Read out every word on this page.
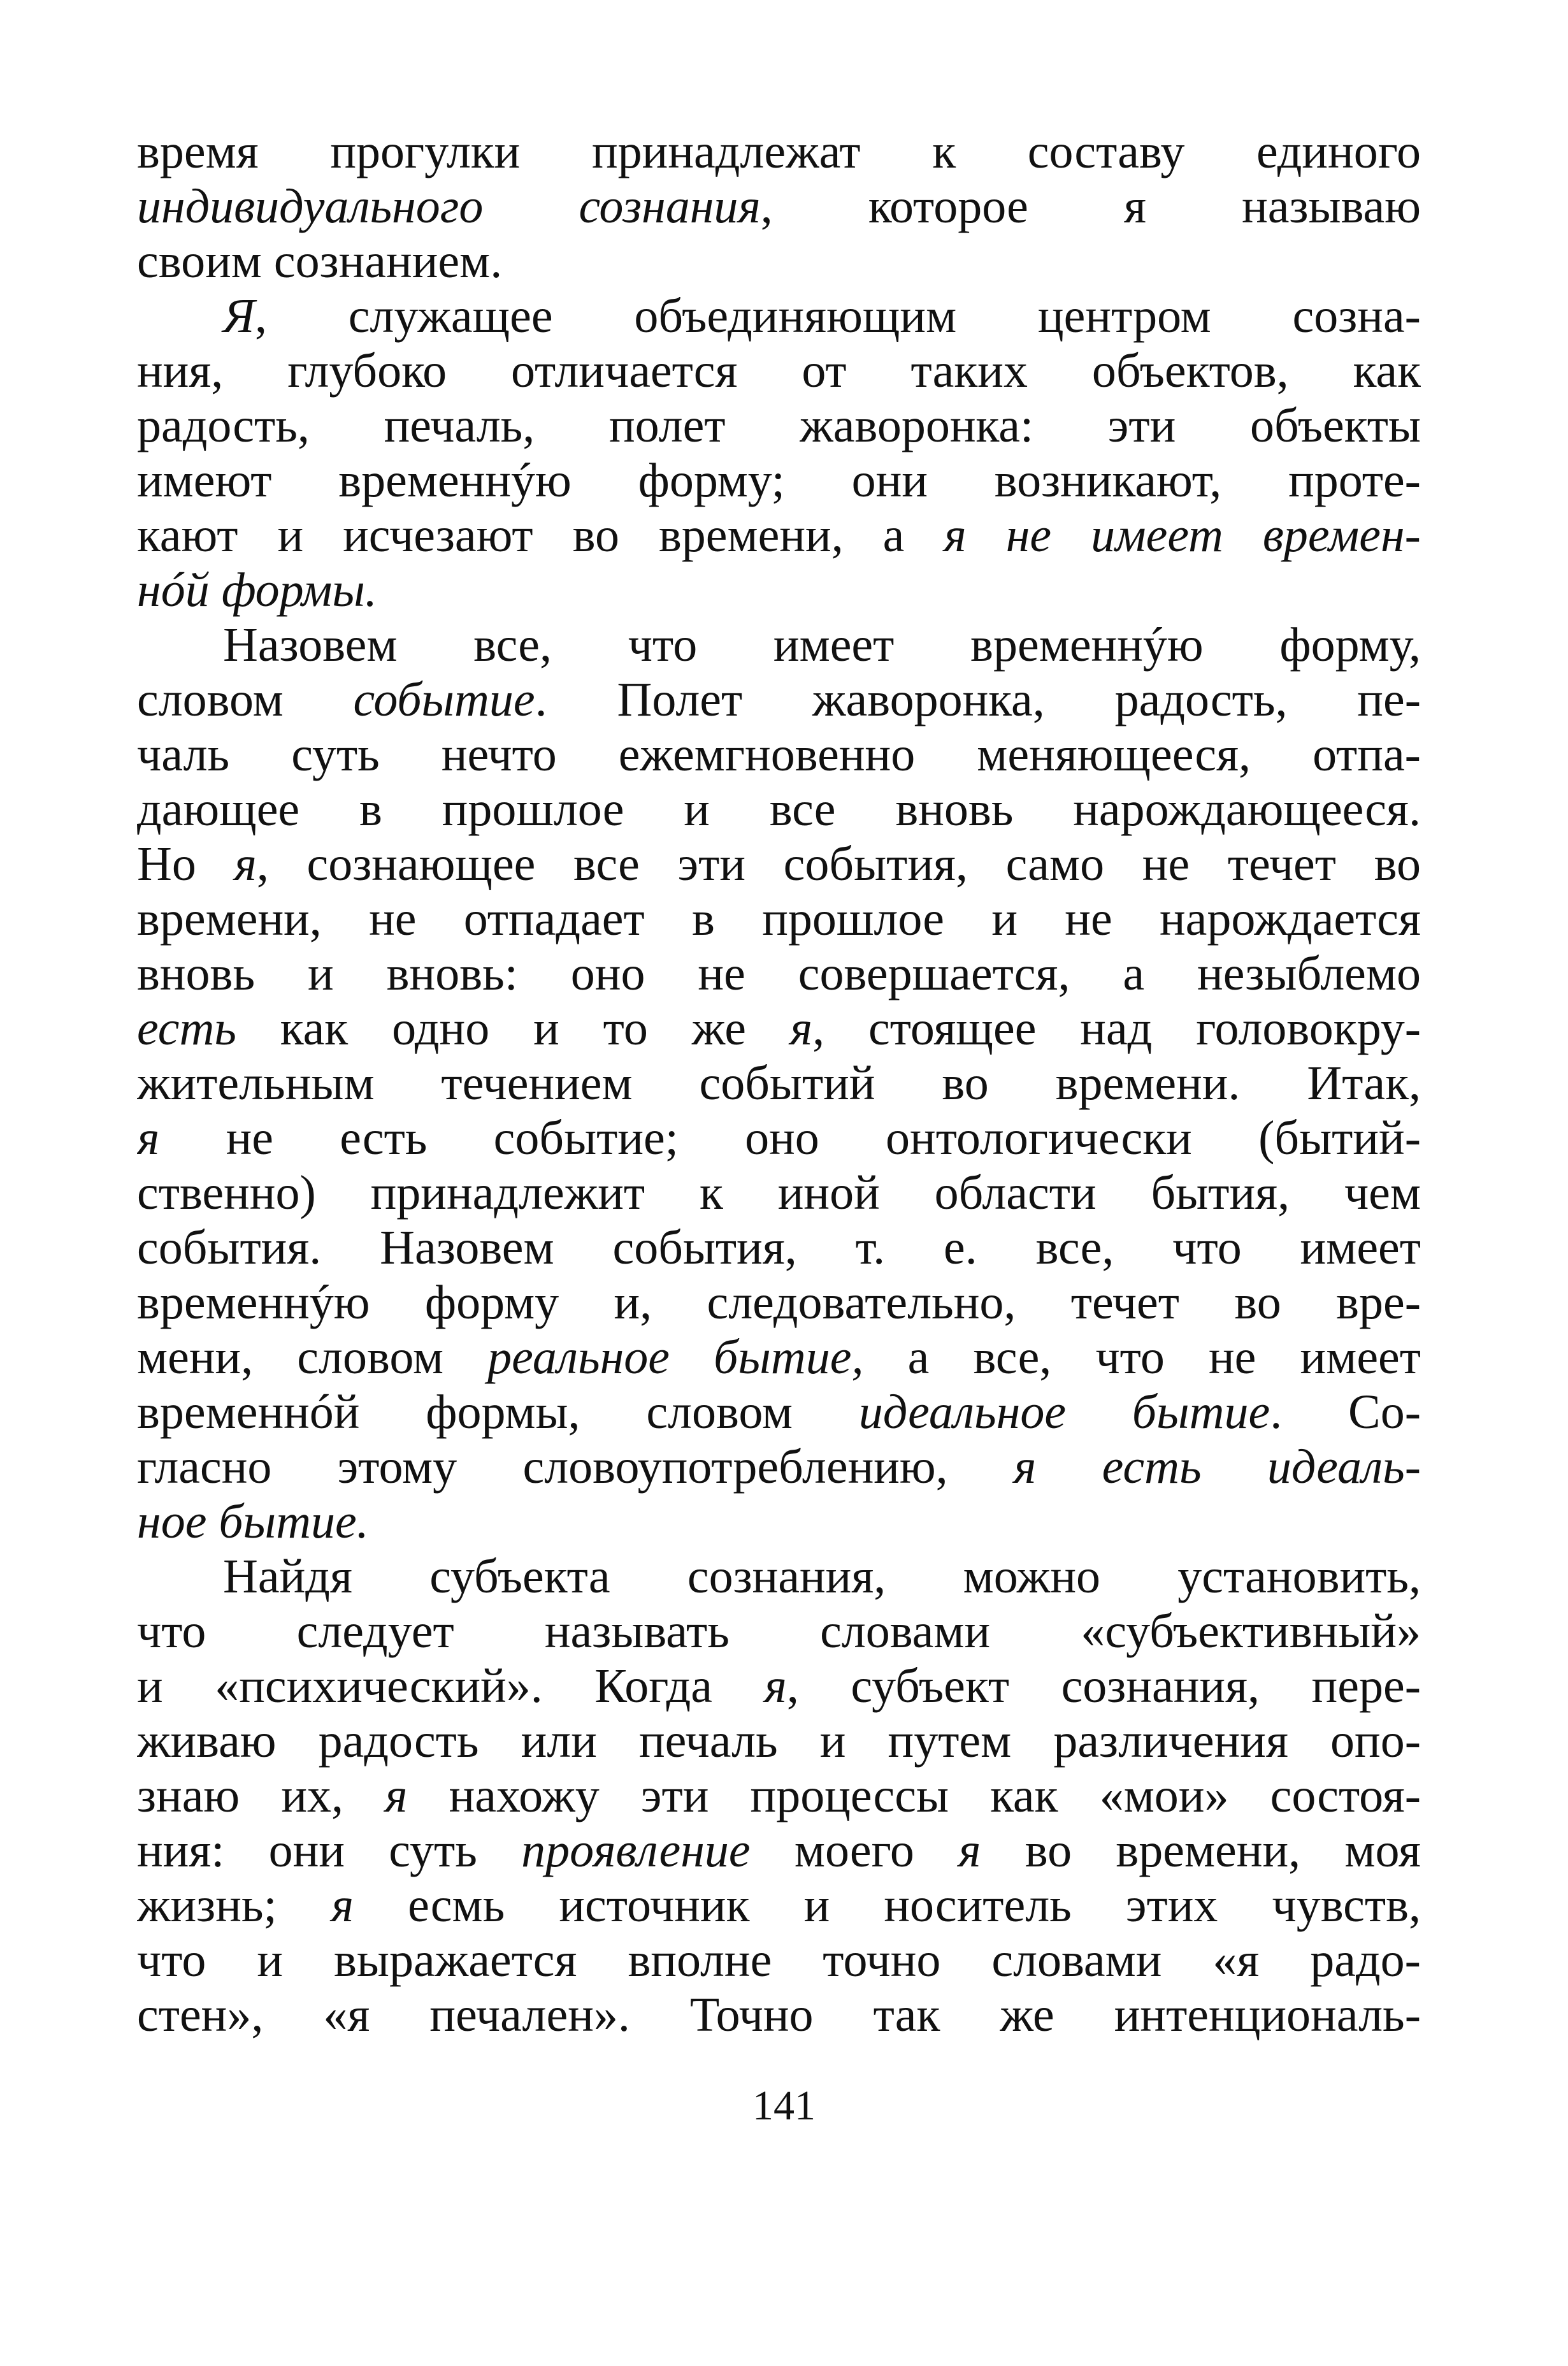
время прогулки принадлежат к составу единого
индивидуального сознания, которое я называю
своим сознанием.
Я, служащее объединяющим центром созна-
ния, глубоко отличается от таких объектов, как
радость, печаль, полет жаворонка: эти объекты
имеют временнýю форму; они возникают, проте-
кают и исчезают во времени, а я не имеет времен-
нóй формы.
Назовем все, что имеет временнýю форму,
словом событие. Полет жаворонка, радость, пе-
чаль суть нечто ежемгновенно меняющееся, отпа-
дающее в прошлое и все вновь нарождающееся.
Но я, сознающее все эти события, само не течет во
времени, не отпадает в прошлое и не нарождается
вновь и вновь: оно не совершается, а незыблемо
есть как одно и то же я, стоящее над головокру-
жительным течением событий во времени. Итак,
я не есть событие; оно онтологически (бытий-
ственно) принадлежит к иной области бытия, чем
события. Назовем события, т. е. все, что имеет
временнýю форму и, следовательно, течет во вре-
мени, словом реальное бытие, а все, что не имеет
временнóй формы, словом идеальное бытие. Со-
гласно этому словоупотреблению, я есть идеаль-
ное бытие.
Найдя субъекта сознания, можно установить,
что следует называть словами «субъективный»
и «психический». Когда я, субъект сознания, пере-
живаю радость или печаль и путем различения опо-
знаю их, я нахожу эти процессы как «мои» состоя-
ния: они суть проявление моего я во времени, моя
жизнь; я есмь источник и носитель этих чувств,
что и выражается вполне точно словами «я радо-
стен», «я печален». Точно так же интенциональ-
141
